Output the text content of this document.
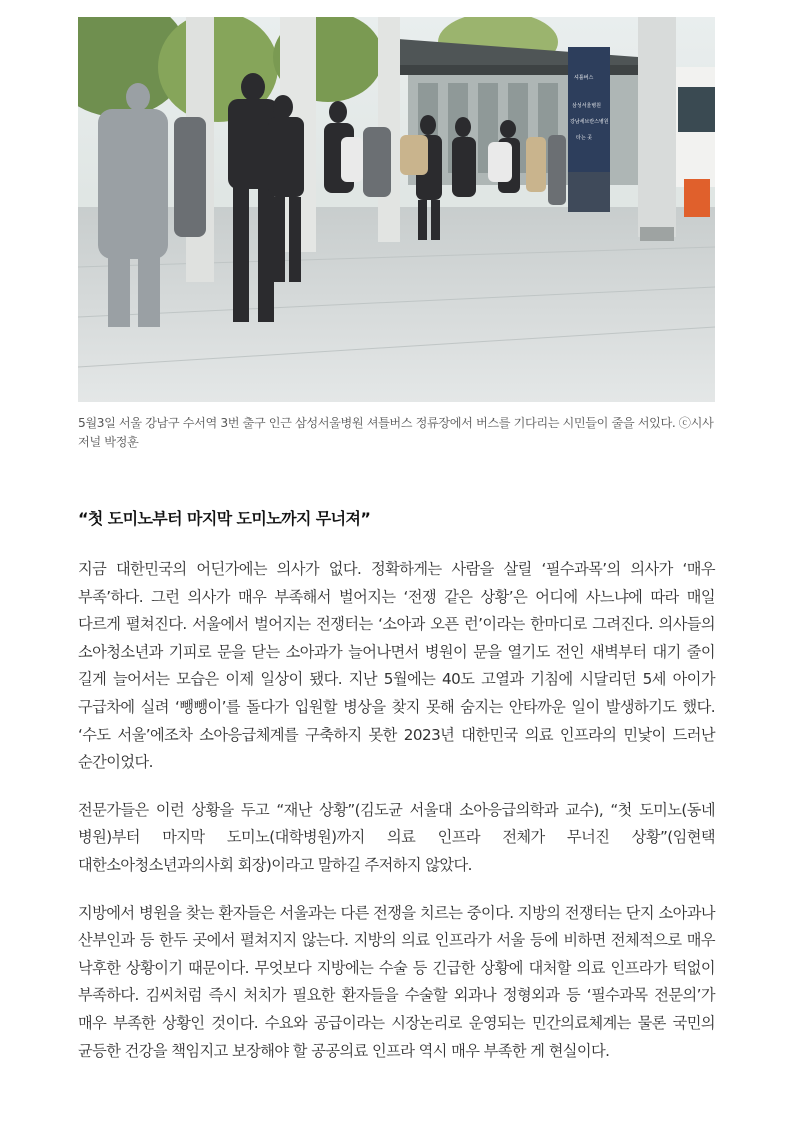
셔틀버스
삼성서울병원
강남세브란스병원
타는 곳
5월3일 서울 강남구 수서역 3번 출구 인근 삼성서울병원 셔틀버스 정류장에서 버스를 기다리는 시민들이 줄을 서있다. ⓒ시사저널 박정훈
“첫 도미노부터 마지막 도미노까지 무너져”

지금 대한민국의 어딘가에는 의사가 없다. 정확하게는 사람을 살릴 ‘필수과목’의 의사가 ‘매우 부족’하다. 그런 의사가 매우 부족해서 벌어지는 ‘전쟁 같은 상황’은 어디에 사느냐에 따라 매일 다르게 펼쳐진다. 서울에서 벌어지는 전쟁터는 ‘소아과 오픈 런’이라는 한마디로 그려진다. 의사들의 소아청소년과 기피로 문을 닫는 소아과가 늘어나면서 병원이 문을 열기도 전인 새벽부터 대기 줄이 길게 늘어서는 모습은 이제 일상이 됐다. 지난 5월에는 40도 고열과 기침에 시달리던 5세 아이가 구급차에 실려 ‘뺑뺑이’를 돌다가 입원할 병상을 찾지 못해 숨지는 안타까운 일이 발생하기도 했다. ‘수도 서울’에조차 소아응급체계를 구축하지 못한 2023년 대한민국 의료 인프라의 민낯이 드러난 순간이었다.

전문가들은 이런 상황을 두고 “재난 상황”(김도균 서울대 소아응급의학과 교수), “첫 도미노(동네 병원)부터 마지막 도미노(대학병원)까지 의료 인프라 전체가 무너진 상황”(임현택 대한소아청소년과의사회 회장)이라고 말하길 주저하지 않았다.

지방에서 병원을 찾는 환자들은 서울과는 다른 전쟁을 치르는 중이다. 지방의 전쟁터는 단지 소아과나 산부인과 등 한두 곳에서 펼쳐지지 않는다. 지방의 의료 인프라가 서울 등에 비하면 전체적으로 매우 낙후한 상황이기 때문이다. 무엇보다 지방에는 수술 등 긴급한 상황에 대처할 의료 인프라가 턱없이 부족하다. 김씨처럼 즉시 처치가 필요한 환자들을 수술할 외과나 정형외과 등 ‘필수과목 전문의’가 매우 부족한 상황인 것이다. 수요와 공급이라는 시장논리로 운영되는 민간의료체계는 물론 국민의 균등한 건강을 책임지고 보장해야 할 공공의료 인프라 역시 매우 부족한 게 현실이다.
